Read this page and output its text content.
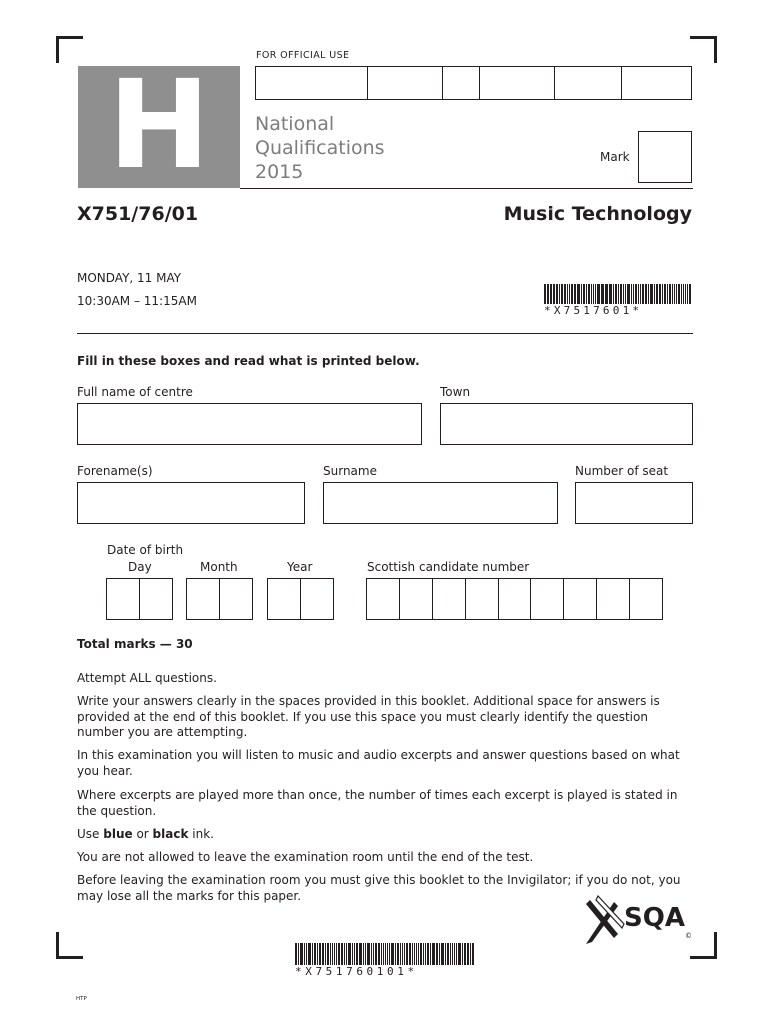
H	FOR OFFICIAL USE
National
Qualifications
2015
Mark
X751/76/01	Music Technology
MONDAY, 11 MAY
10:30AM – 11:15AM
*X7517601*
Fill in these boxes and read what is printed below.
Full name of centre	Town
Forename(s)	Surname	Number of seat
Date of birth
Day	Month	Year	Scottish candidate number
Total marks — 30
Attempt ALL questions.
Write your answers clearly in the spaces provided in this booklet. Additional space for answers is provided at the end of this booklet. If you use this space you must clearly identify the question number you are attempting.
In this examination you will listen to music and audio excerpts and answer questions based on what you hear.
Where excerpts are played more than once, the number of times each excerpt is played is stated in the question.
Use blue or black ink.
You are not allowed to leave the examination room until the end of the test.
Before leaving the examination room you must give this booklet to the Invigilator; if you do not, you may lose all the marks for this paper.
SQA
©
*X751760101*
HTP
